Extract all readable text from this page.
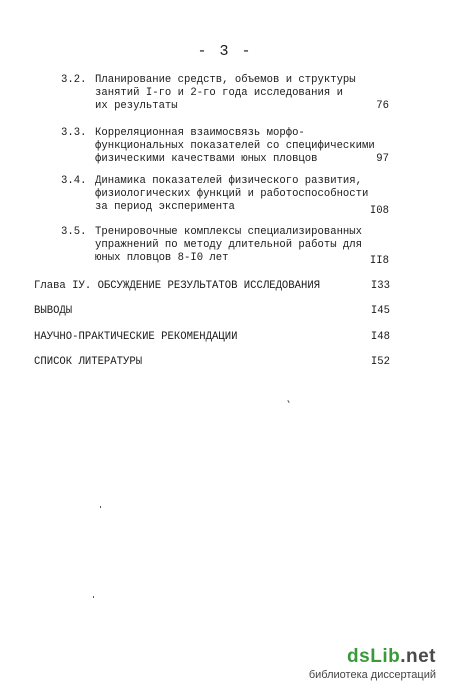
- 3 -
3.2. Планирование средств, объемов и структуры
занятий I-го и 2-го года исследования и
их результаты	76
3.3. Корреляционная взаимосвязь морфо-
функциональных показателей со специфическими
физическими качествами юных пловцов	97
3.4. Динамика показателей физического развития,
физиологических функций и работоспособности
за период эксперимента	I08
3.5. Тренировочные комплексы специализированных
упражнений по методу длительной работы для
юных пловцов 8-I0 лет	II8
Глава IУ. ОБСУЖДЕНИЕ РЕЗУЛЬТАТОВ ИССЛЕДОВАНИЯ	I33
ВЫВОДЫ	I45
НАУЧНО-ПРАКТИЧЕСКИЕ РЕКОМЕНДАЦИИ	I48
СПИСОК ЛИТЕРАТУРЫ	I52
dsLib.net
библиотека диссертаций
